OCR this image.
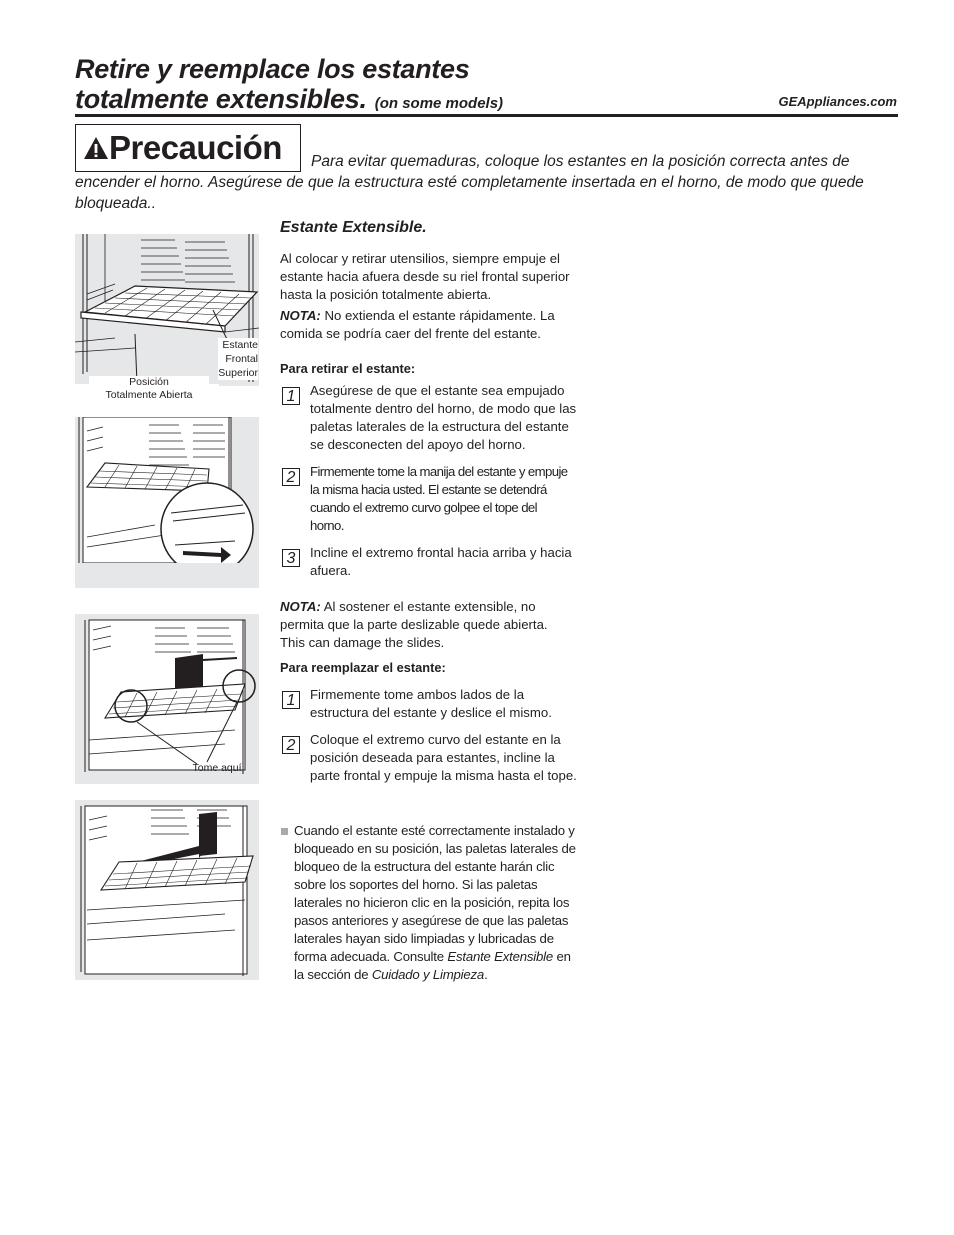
Retire y reemplace los estantes
totalmente extensibles. (on some models)	GEAppliances.com
Precaución	Para evitar quemaduras, coloque los estantes en la posición correcta antes de encender el horno. Asegúrese de que la estructura esté completamente insertada en el horno, de modo que quede bloqueada..
Estante Extensible.
Al colocar y retirar utensilios, siempre empuje el estante hacia afuera desde su riel frontal superior hasta la posición totalmente abierta.
NOTA: No extienda el estante rápidamente. La comida se podría caer del frente del estante.
Para retirar el estante:
1	Asegúrese de que el estante sea empujado totalmente dentro del horno, de modo que las paletas laterales de la estructura del estante se desconecten del apoyo del horno.
2	Firmemente tome la manija del estante y empuje la misma hacia usted. El estante se detendrá cuando el extremo curvo golpee el tope del horno.
3	Incline el extremo frontal hacia arriba y hacia afuera.
NOTA: Al sostener el estante extensible, no permita que la parte deslizable quede abierta. This can damage the slides.
Para reemplazar el estante:
1	Firmemente tome ambos lados de la estructura del estante y deslice el mismo.
2	Coloque el extremo curvo del estante en la posición deseada para estantes, incline la parte frontal y empuje la misma hasta el tope.
Cuando el estante esté correctamente instalado y bloqueado en su posición, las paletas laterales de bloqueo de la estructura del estante harán clic sobre los soportes del horno. Si las paletas laterales no hicieron clic en la posición, repita los pasos anteriores y asegúrese de que las paletas laterales hayan sido limpiadas y lubricadas de forma adecuada. Consulte Estante Extensible en la sección de Cuidado y Limpieza.
Estante
Frontal
Superior
Posición
Totalmente Abierta
Tome aquí
